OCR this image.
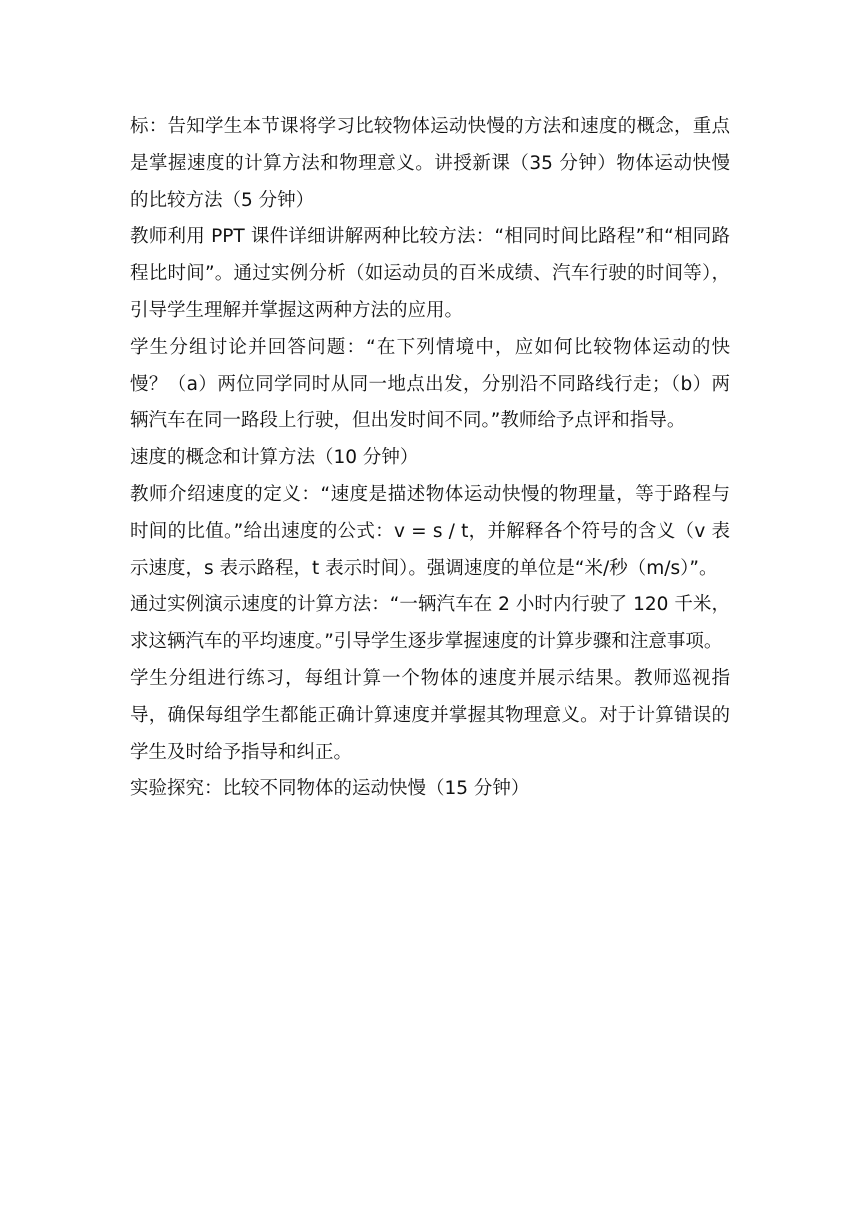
标：告知学生本节课将学习比较物体运动快慢的方法和速度的概念，重点是掌握速度的计算方法和物理意义。讲授新课（35 分钟）物体运动快慢的比较方法（5 分钟）

教师利用 PPT 课件详细讲解两种比较方法：“相同时间比路程”和“相同路程比时间”。通过实例分析（如运动员的百米成绩、汽车行驶的时间等），引导学生理解并掌握这两种方法的应用。

学生分组讨论并回答问题：“在下列情境中，应如何比较物体运动的快慢？（a）两位同学同时从同一地点出发，分别沿不同路线行走；（b）两辆汽车在同一路段上行驶，但出发时间不同。”教师给予点评和指导。

速度的概念和计算方法（10 分钟）

教师介绍速度的定义：“速度是描述物体运动快慢的物理量，等于路程与时间的比值。”给出速度的公式：v = s / t，并解释各个符号的含义（v 表示速度，s 表示路程，t 表示时间）。强调速度的单位是“米/秒（m/s）”。

通过实例演示速度的计算方法：“一辆汽车在 2 小时内行驶了 120 千米，求这辆汽车的平均速度。”引导学生逐步掌握速度的计算步骤和注意事项。

学生分组进行练习，每组计算一个物体的速度并展示结果。教师巡视指导，确保每组学生都能正确计算速度并掌握其物理意义。对于计算错误的学生及时给予指导和纠正。

实验探究：比较不同物体的运动快慢（15 分钟）
